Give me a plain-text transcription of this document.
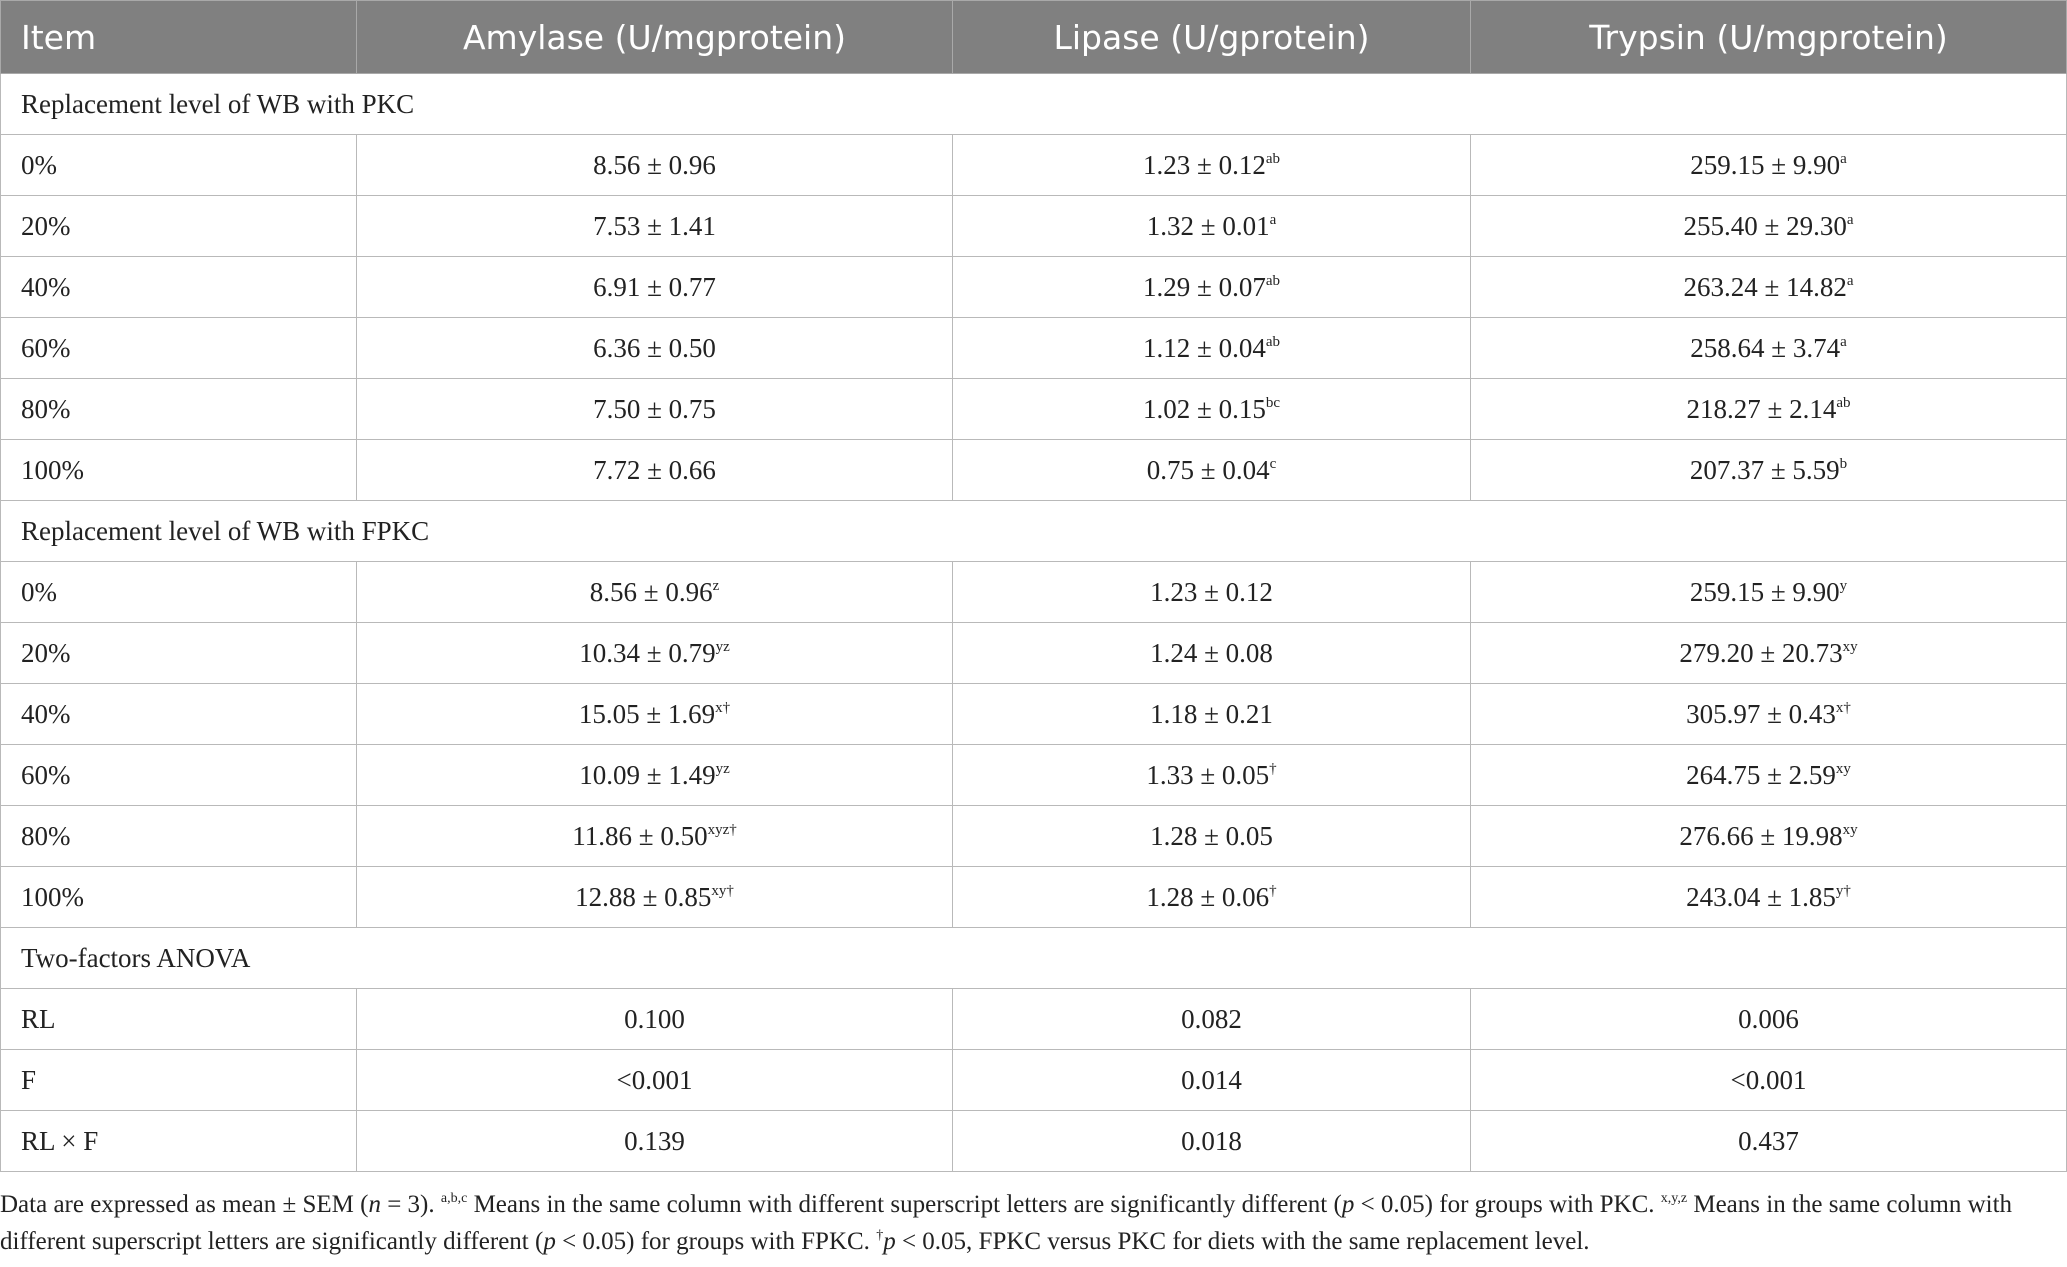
Item	Amylase (U/mgprotein)	Lipase (U/gprotein)	Trypsin (U/mgprotein)
Replacement level of WB with PKC			
0%	8.56 ± 0.96	1.23 ± 0.12$^{ab}$	259.15 ± 9.90$^a$
20%	7.53 ± 1.41	1.32 ± 0.01$^a$	255.40 ± 29.30$^a$
40%	6.91 ± 0.77	1.29 ± 0.07$^{ab}$	263.24 ± 14.82$^a$
60%	6.36 ± 0.50	1.12 ± 0.04$^{ab}$	258.64 ± 3.74$^a$
80%	7.50 ± 0.75	1.02 ± 0.15$^{bc}$	218.27 ± 2.14$^{ab}$
100%	7.72 ± 0.66	0.75 ± 0.04$^c$	207.37 ± 5.59$^b$
Replacement level of WB with FPKC			
0%	$8.56 \pm 0.96^z$	1.23 ± 0.12	$259.15 \pm 9.90^y$
20%	$10.34 \pm 0.79^{yz}$	1.24 ± 0.08	$279.20 \pm 20.73^{xy}$
40%	$15.05 \pm 1.69^{x\dagger}$	1.18 ± 0.21	$305.97 \pm 0.43^{x\dagger}$
60%	$10.09 \pm 1.49^{yz}$	1.33 ± 0.05†	$264.75 \pm 2.59^{xy}$
80%	$11.86 \pm 0.50^{xyz\dagger}$	1.28 ± 0.05	$276.66 \pm 19.98^{xy}$
100%	$12.88 \pm 0.85^{xy\dagger}$	1.28 ± 0.06†	$243.04 \pm 1.85^{y\dagger}$
Two-factors ANOVA			
RL	0.100	0.082	0.006
F	<0.001	0.014	<0.001
RL × F	0.139	0.018	0.437
Data are expressed as mean ± SEM (n = 3). $^{a,b,c}$ Means in the same column with different superscript letters are significantly different (p < 0.05) for groups with PKC. $^{x,y,z}$ Means in the same column with different superscript letters are significantly different (p < 0.05) for groups with FPKC. †p < 0.05, FPKC versus PKC for diets with the same replacement level.
